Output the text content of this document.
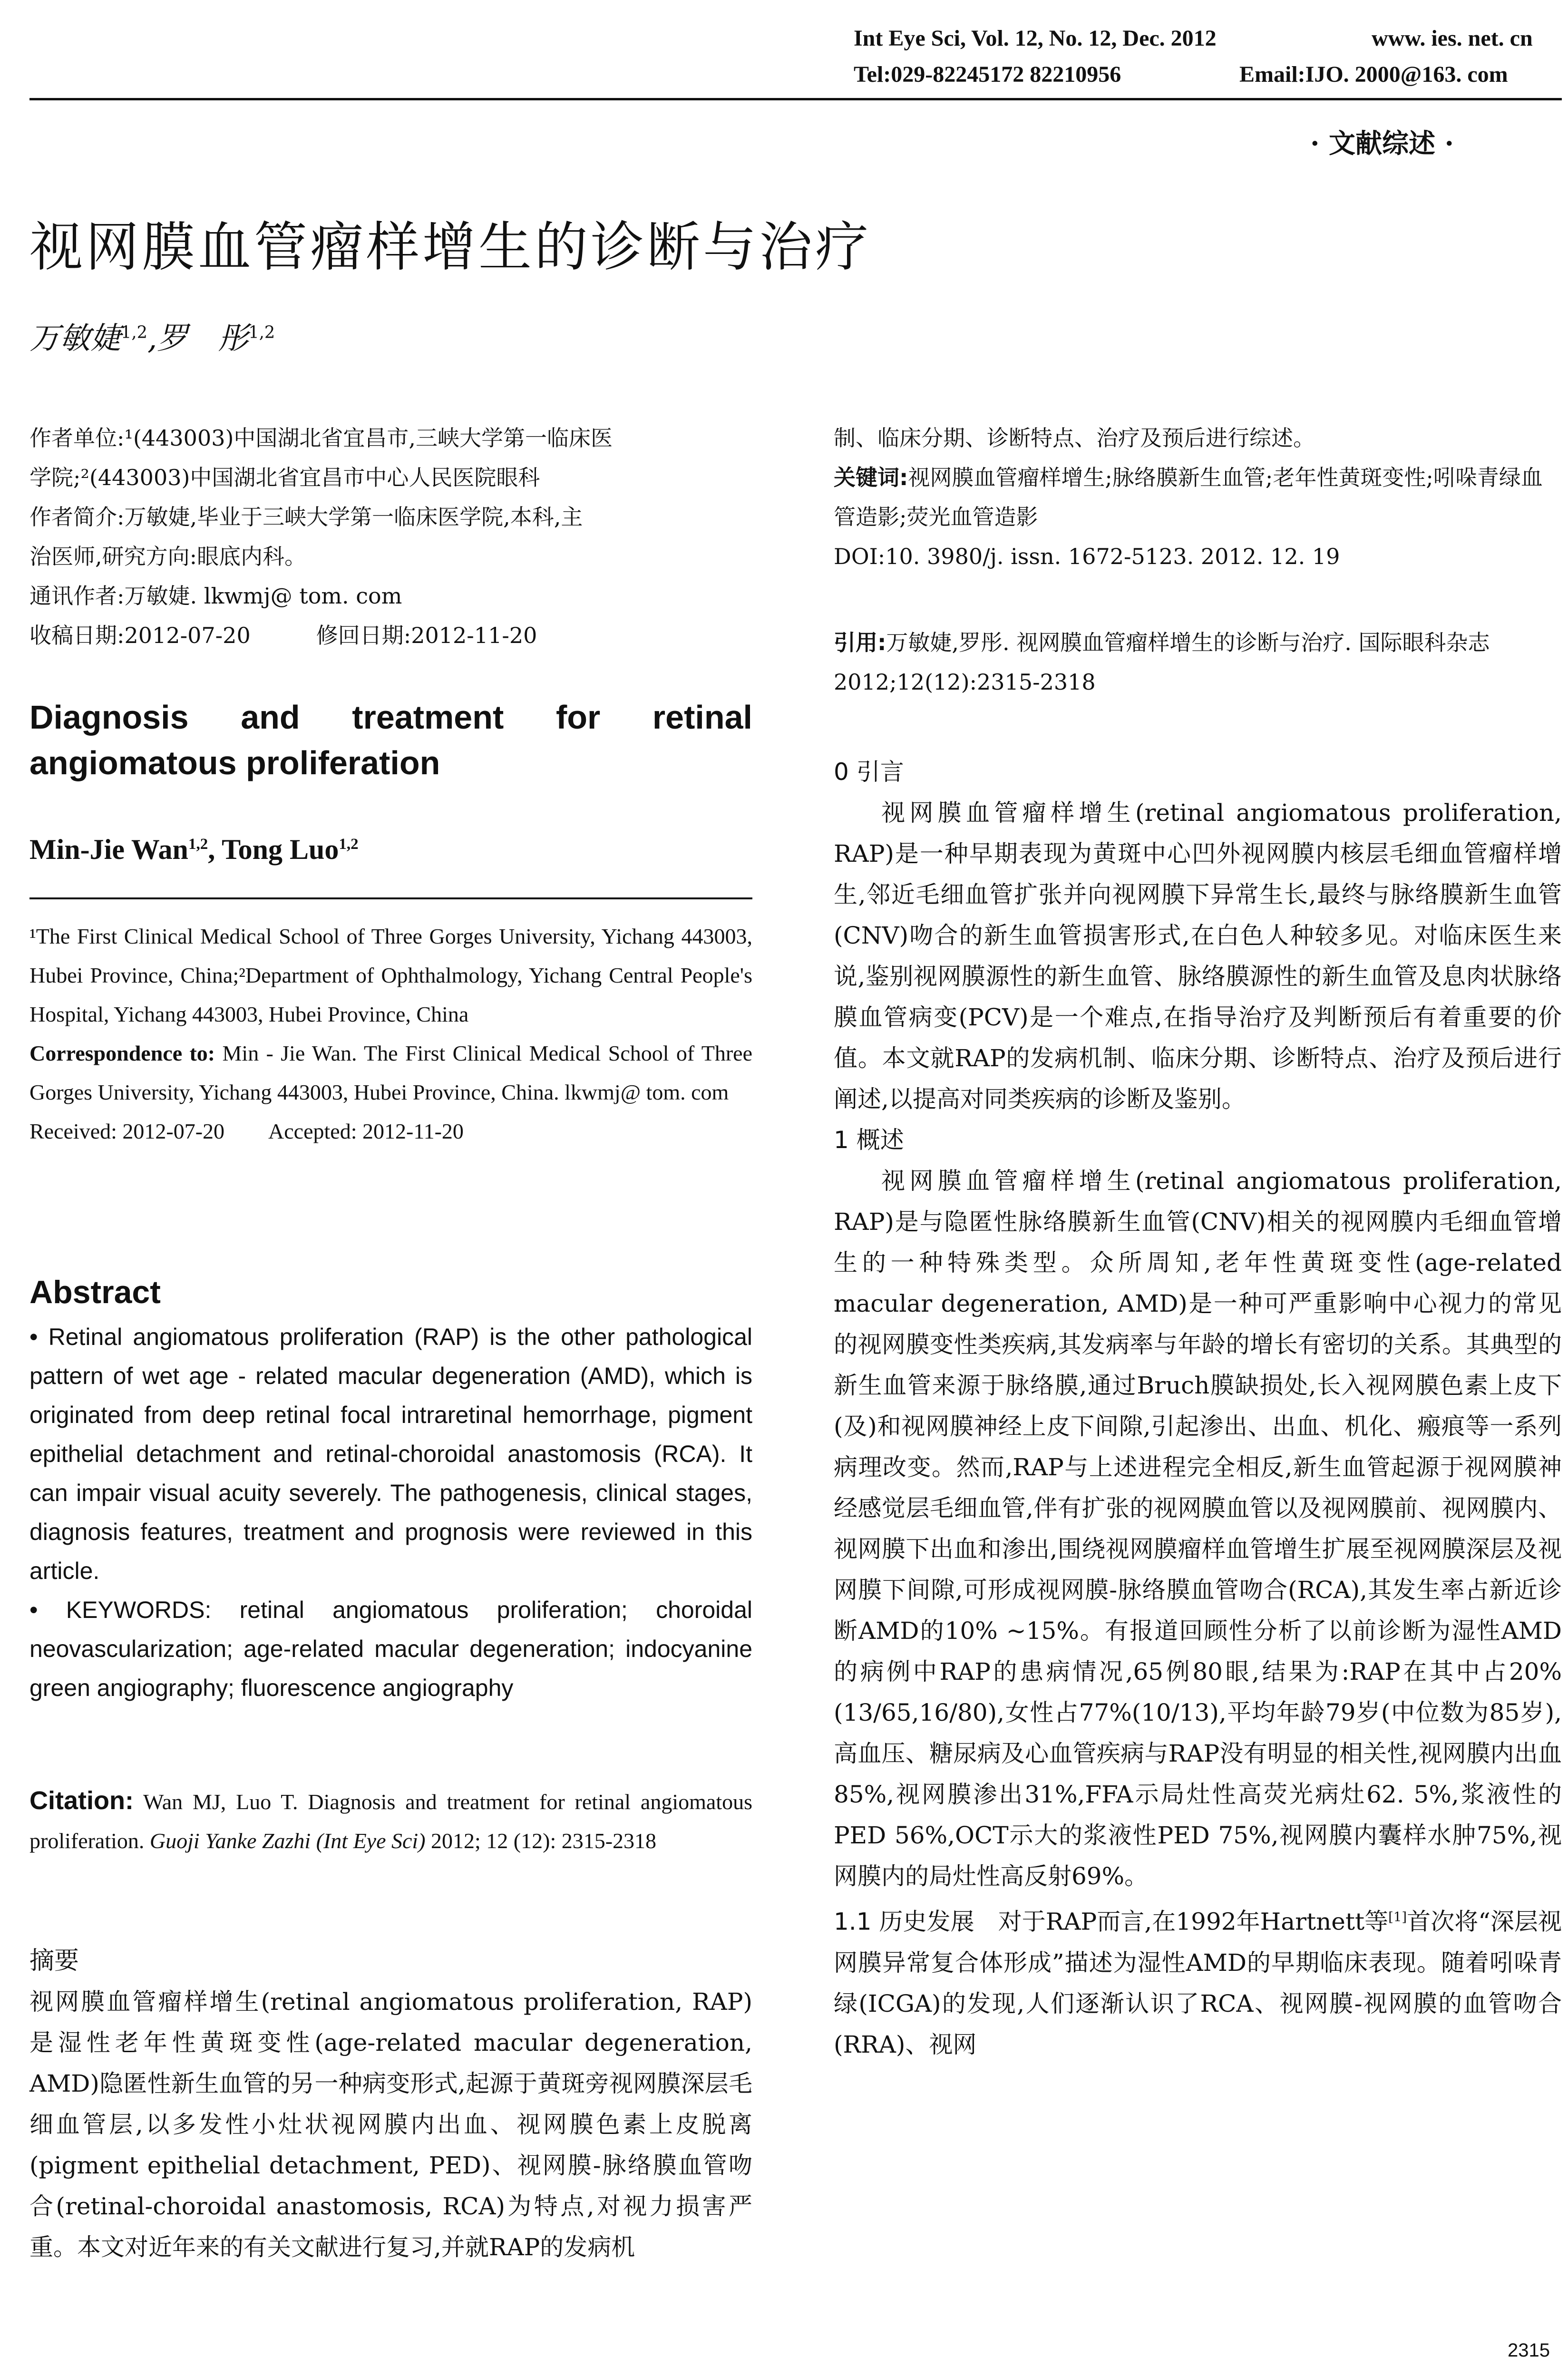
Int Eye Sci, Vol. 12, No. 12, Dec. 2012	www. ies. net. cn
Tel:029-82245172 82210956	Email:IJO. 2000@163. com
· 文献综述 ·
视网膜血管瘤样增生的诊断与治疗
万敏婕$^{1,2}$,罗　彤$^{1,2}$

作者单位:¹(443003)中国湖北省宜昌市,三峡大学第一临床医

学院;²(443003)中国湖北省宜昌市中心人民医院眼科

作者简介:万敏婕,毕业于三峡大学第一临床医学院,本科,主

治医师,研究方向:眼底内科。

通讯作者:万敏婕. lkwmj@ tom. com

收稿日期:2012-07-20　　　修回日期:2012-11-20

Diagnosis and treatment for retinal angiomatous proliferation
Min-Jie Wan$^{1,2}$, Tong Luo$^{1,2}$

¹The First Clinical Medical School of Three Gorges University, Yichang 443003, Hubei Province, China;²Department of Ophthalmology, Yichang Central People's Hospital, Yichang 443003, Hubei Province, China

Correspondence to: Min - Jie Wan. The First Clinical Medical School of Three Gorges University, Yichang 443003, Hubei Province, China. lkwmj@ tom. com

Received: 2012-07-20　　Accepted: 2012-11-20

Abstract

• Retinal angiomatous proliferation (RAP) is the other pathological pattern of wet age - related macular degeneration (AMD), which is originated from deep retinal focal intraretinal hemorrhage, pigment epithelial detachment and retinal-choroidal anastomosis (RCA). It can impair visual acuity severely. The pathogenesis, clinical stages, diagnosis features, treatment and prognosis were reviewed in this article.

• KEYWORDS: retinal angiomatous proliferation; choroidal neovascularization; age-related macular degeneration; indocyanine green angiography; fluorescence angiography

Citation: Wan MJ, Luo T. Diagnosis and treatment for retinal angiomatous proliferation. Guoji Yanke Zazhi (Int Eye Sci) 2012; 12 (12): 2315-2318

摘要
视网膜血管瘤样增生(retinal angiomatous proliferation, RAP)是湿性老年性黄斑变性(age-related macular degeneration, AMD)隐匿性新生血管的另一种病变形式,起源于黄斑旁视网膜深层毛细血管层,以多发性小灶状视网膜内出血、视网膜色素上皮脱离(pigment epithelial detachment, PED)、视网膜-脉络膜血管吻合(retinal-choroidal anastomosis, RCA)为特点,对视力损害严重。本文对近年来的有关文献进行复习,并就RAP的发病机

制、临床分期、诊断特点、治疗及预后进行综述。

关键词:视网膜血管瘤样增生;脉络膜新生血管;老年性黄斑变性;吲哚青绿血管造影;荧光血管造影

DOI:10. 3980/j. issn. 1672-5123. 2012. 12. 19

引用:万敏婕,罗彤. 视网膜血管瘤样增生的诊断与治疗. 国际眼科杂志 2012;12(12):2315-2318

0 引言

视网膜血管瘤样增生(retinal angiomatous proliferation, RAP)是一种早期表现为黄斑中心凹外视网膜内核层毛细血管瘤样增生,邻近毛细血管扩张并向视网膜下异常生长,最终与脉络膜新生血管(CNV)吻合的新生血管损害形式,在白色人种较多见。对临床医生来说,鉴别视网膜源性的新生血管、脉络膜源性的新生血管及息肉状脉络膜血管病变(PCV)是一个难点,在指导治疗及判断预后有着重要的价值。本文就RAP的发病机制、临床分期、诊断特点、治疗及预后进行阐述,以提高对同类疾病的诊断及鉴别。

1 概述

视网膜血管瘤样增生(retinal angiomatous proliferation, RAP)是与隐匿性脉络膜新生血管(CNV)相关的视网膜内毛细血管增生的一种特殊类型。众所周知,老年性黄斑变性(age-related macular degeneration, AMD)是一种可严重影响中心视力的常见的视网膜变性类疾病,其发病率与年龄的增长有密切的关系。其典型的新生血管来源于脉络膜,通过Bruch膜缺损处,长入视网膜色素上皮下(及)和视网膜神经上皮下间隙,引起渗出、出血、机化、瘢痕等一系列病理改变。然而,RAP与上述进程完全相反,新生血管起源于视网膜神经感觉层毛细血管,伴有扩张的视网膜血管以及视网膜前、视网膜内、视网膜下出血和渗出,围绕视网膜瘤样血管增生扩展至视网膜深层及视网膜下间隙,可形成视网膜-脉络膜血管吻合(RCA),其发生率占新近诊断AMD的10% ~15%。有报道回顾性分析了以前诊断为湿性AMD的病例中RAP的患病情况,65例80眼,结果为:RAP在其中占20%(13/65,16/80),女性占77%(10/13),平均年龄79岁(中位数为85岁),高血压、糖尿病及心血管疾病与RAP没有明显的相关性,视网膜内出血85%,视网膜渗出31%,FFA示局灶性高荧光病灶62. 5%,浆液性的PED 56%,OCT示大的浆液性PED 75%,视网膜内囊样水肿75%,视网膜内的局灶性高反射69%。

1.1 历史发展　对于RAP而言,在1992年Hartnett等[1]首次将“深层视网膜异常复合体形成”描述为湿性AMD的早期临床表现。随着吲哚青绿(ICGA)的发现,人们逐渐认识了RCA、视网膜-视网膜的血管吻合(RRA)、视网

2315
